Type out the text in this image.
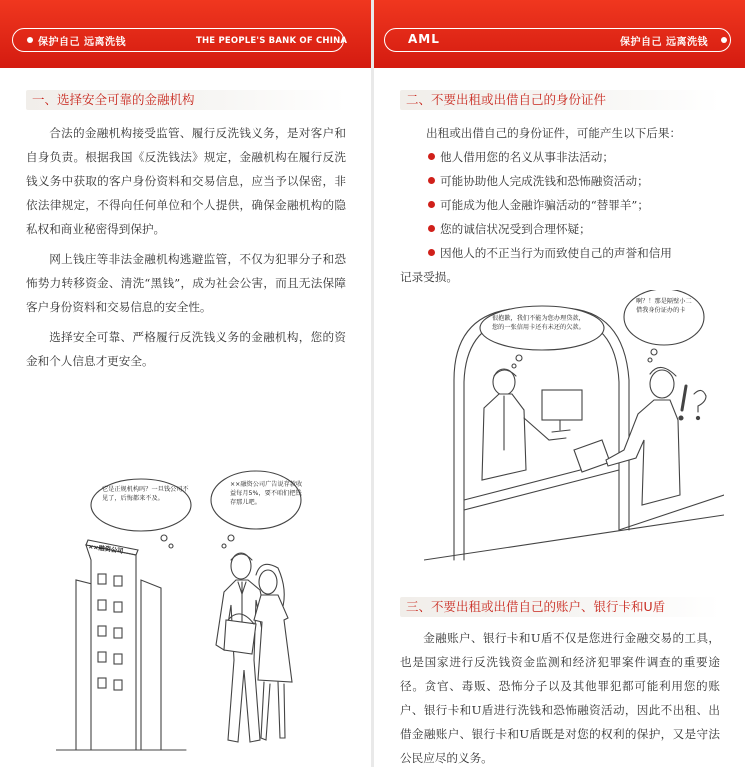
保护自己 远离洗钱	THE PEOPLE'S BANK OF CHINA
一、选择安全可靠的金融机构

合法的金融机构接受监管、履行反洗钱义务，是对客户和自身负责。根据我国《反洗钱法》规定，金融机构在履行反洗钱义务中获取的客户身份资料和交易信息，应当予以保密，非依法律规定，不得向任何单位和个人提供，确保金融机构的隐私权和商业秘密得到保护。

网上钱庄等非法金融机构逃避监管，不仅为犯罪分子和恐怖势力转移资金、清洗“黑钱”，成为社会公害，而且无法保障客户身份资料和交易信息的安全性。

选择安全可靠、严格履行反洗钱义务的金融机构，您的资金和个人信息才更安全。

它是正规机构吗？一旦钱公司不见了，后悔都来不及。
××融资公司广告说存款收益每月5%，要不咱们把钱存那儿吧。
××融资公司
AML	保护自己 远离洗钱
二、不要出租或出借自己的身份证件
出租或出借自己的身份证件，可能产生以下后果：
他人借用您的名义从事非法活动；
可能协助他人完成洗钱和恐怖融资活动；
可能成为他人金融诈骗活动的“替罪羊”；
您的诚信状况受到合理怀疑；
因他人的不正当行为而致使自己的声誉和信用
记录受损。
很抱歉，我们不能为您办理贷款，您的一张信用卡还有未还的欠款。
啊？！那是隔壁小二借我身份证办的卡
三、不要出租或出借自己的账户、银行卡和U盾

金融账户、银行卡和U盾不仅是您进行金融交易的工具，也是国家进行反洗钱资金监测和经济犯罪案件调查的重要途径。贪官、毒贩、恐怖分子以及其他罪犯都可能利用您的账户、银行卡和U盾进行洗钱和恐怖融资活动，因此不出租、出借金融账户、银行卡和U盾既是对您的权利的保护，又是守法公民应尽的义务。
